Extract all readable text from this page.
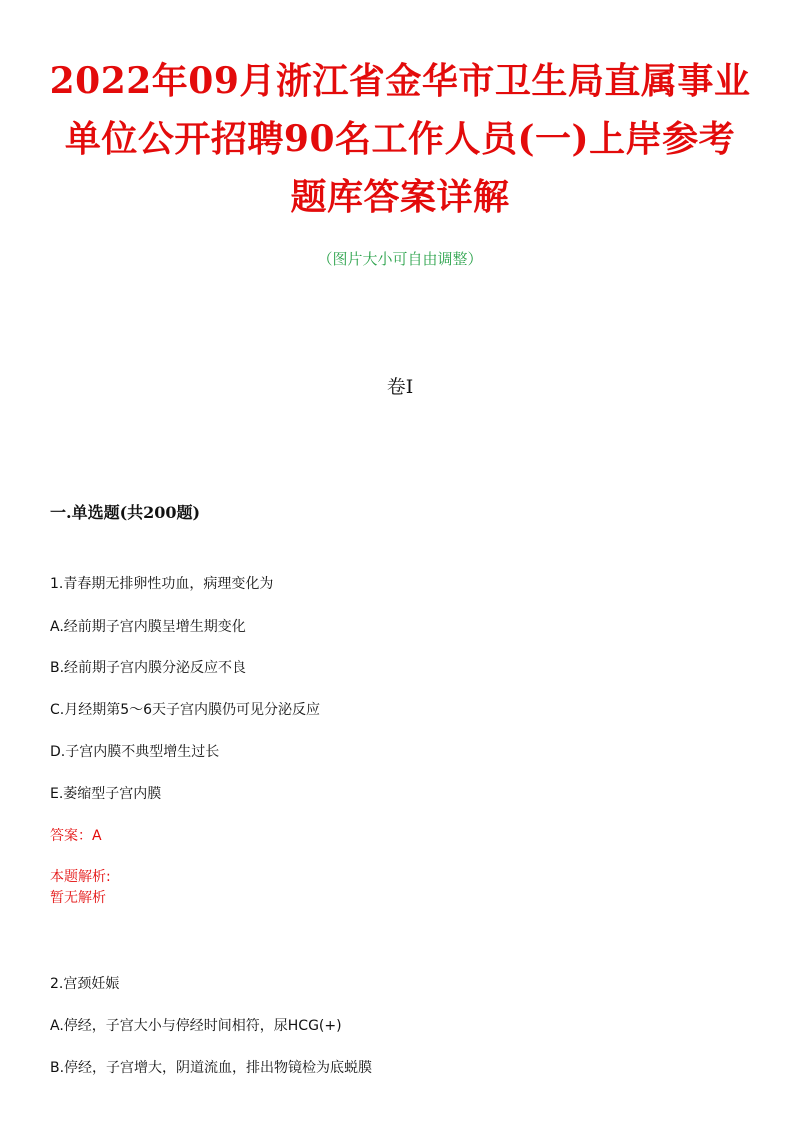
2022年09月浙江省金华市卫生局直属事业
单位公开招聘90名工作人员(一)上岸参考
题库答案详解
（图片大小可自由调整）
卷I
一.单选题(共200题)
1.青春期无排卵性功血，病理变化为
A.经前期子宫内膜呈增生期变化
B.经前期子宫内膜分泌反应不良
C.月经期第5～6天子宫内膜仍可见分泌反应
D.子宫内膜不典型增生过长
E.萎缩型子宫内膜
答案：A
本题解析:
暂无解析
2.宫颈妊娠
A.停经，子宫大小与停经时间相符，尿HCG(+)
B.停经，子宫增大，阴道流血，排出物镜检为底蜕膜
